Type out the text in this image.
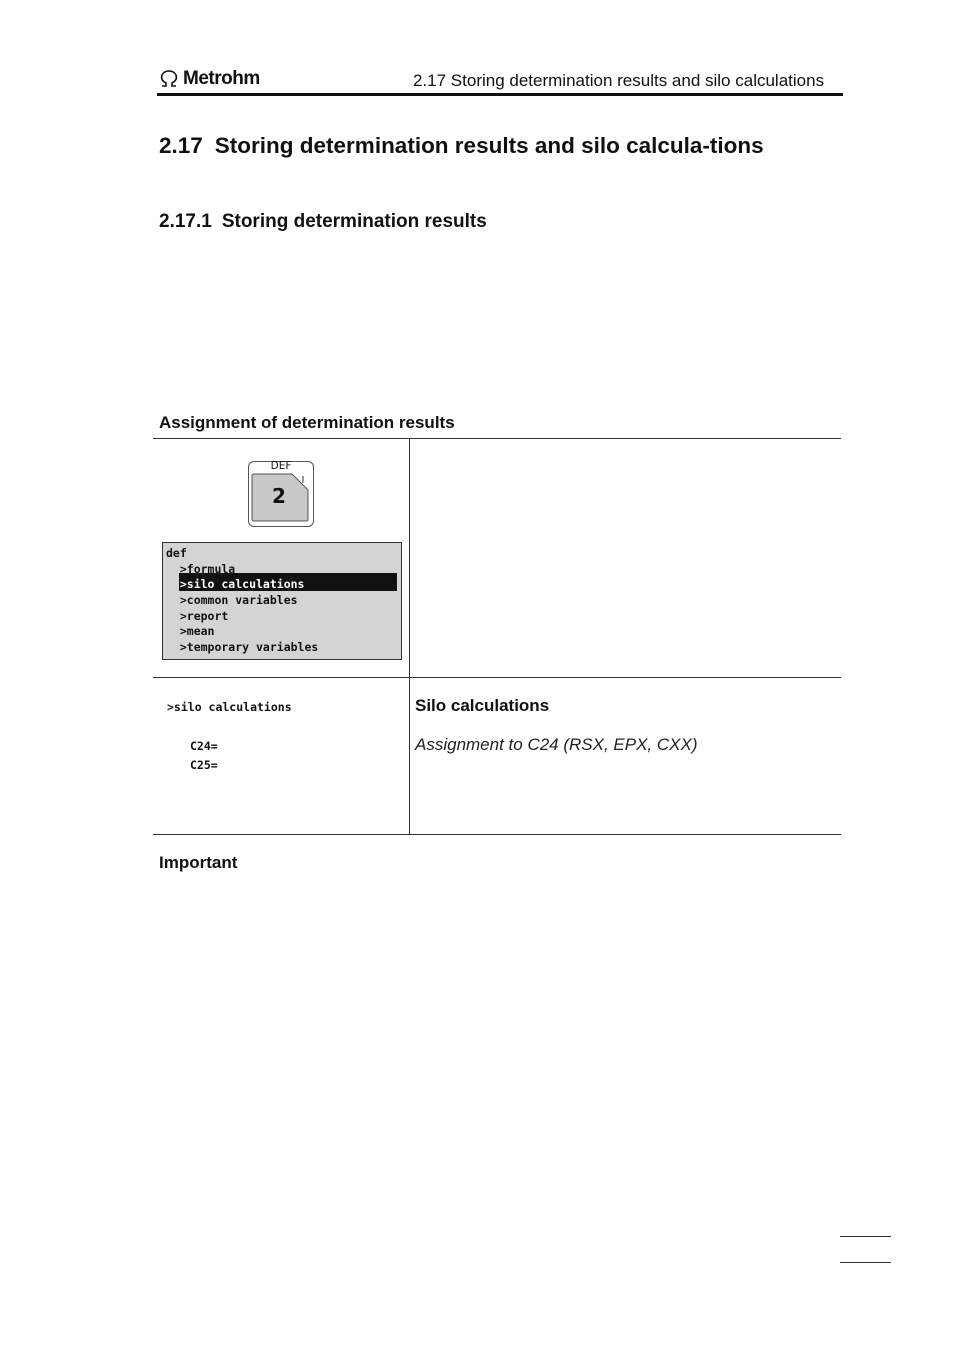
Metrohm	2.17 Storing determination results and silo calculations
2.17 Storing determination results and silo calcula-tions
2.17.1 Storing determination results
Assignment of determination results
DEF
2
def
>formula
>silo calculations
>common variables
>report
>mean
>temporary variables
>silo calculations
C24=
C25=
Silo calculations
Assignment to C24 (RSX, EPX, CXX)
Important
